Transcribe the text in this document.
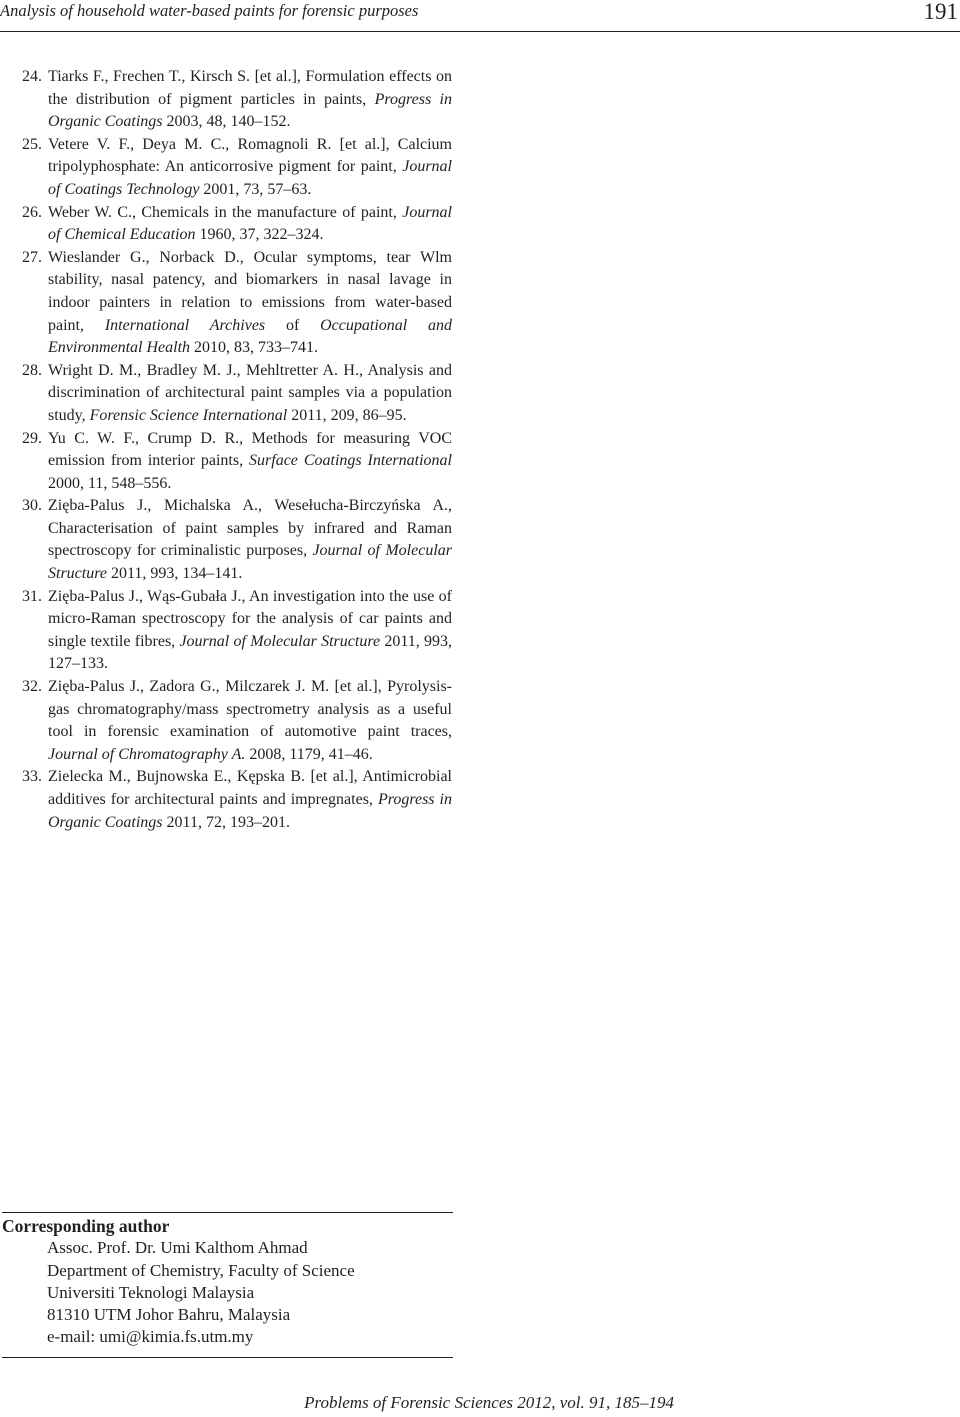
Analysis of household water-based paints for forensic purposes	191
24. Tiarks F., Frechen T., Kirsch S. [et al.], Formulation effects on the distribution of pigment particles in paints, Progress in Organic Coatings 2003, 48, 140–152.
25. Vetere V. F., Deya M. C., Romagnoli R. [et al.], Calcium tripolyphosphate: An anticorrosive pigment for paint, Journal of Coatings Technology 2001, 73, 57–63.
26. Weber W. C., Chemicals in the manufacture of paint, Journal of Chemical Education 1960, 37, 322–324.
27. Wieslander G., Norback D., Ocular symptoms, tear Wlm stability, nasal patency, and biomarkers in nasal lavage in indoor painters in relation to emissions from water-based paint, International Archives of Occupational and Environmental Health 2010, 83, 733–741.
28. Wright D. M., Bradley M. J., Mehltretter A. H., Analysis and discrimination of architectural paint samples via a population study, Forensic Science International 2011, 209, 86–95.
29. Yu C. W. F., Crump D. R., Methods for measuring VOC emission from interior paints, Surface Coatings International 2000, 11, 548–556.
30. Zięba-Palus J., Michalska A., Wesełucha-Birczyńska A., Characterisation of paint samples by infrared and Raman spectroscopy for criminalistic purposes, Journal of Molecular Structure 2011, 993, 134–141.
31. Zięba-Palus J., Wąs-Gubała J., An investigation into the use of micro-Raman spectroscopy for the analysis of car paints and single textile fibres, Journal of Molecular Structure 2011, 993, 127–133.
32. Zięba-Palus J., Zadora G., Milczarek J. M. [et al.], Pyrolysis-gas chromatography/mass spectrometry analysis as a useful tool in forensic examination of automotive paint traces, Journal of Chromatography A. 2008, 1179, 41–46.
33. Zielecka M., Bujnowska E., Kępska B. [et al.], Antimicrobial additives for architectural paints and impregnates, Progress in Organic Coatings 2011, 72, 193–201.
Corresponding author
Assoc. Prof. Dr. Umi Kalthom Ahmad
Department of Chemistry, Faculty of Science
Universiti Teknologi Malaysia
81310 UTM Johor Bahru, Malaysia
e-mail: umi@kimia.fs.utm.my
Problems of Forensic Sciences 2012, vol. 91, 185–194
